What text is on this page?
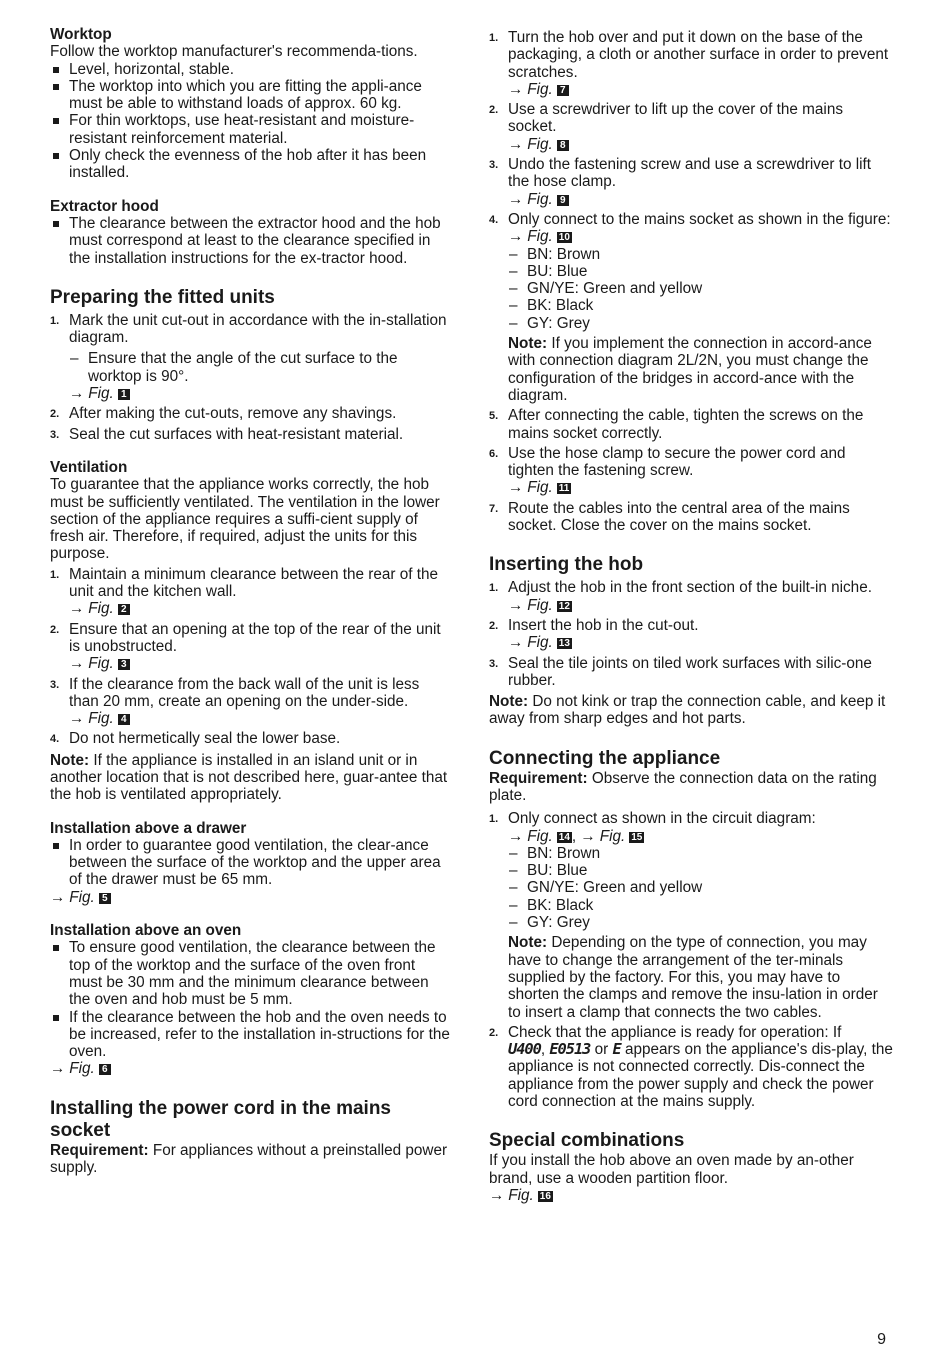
Worktop

Follow the worktop manufacturer's recommenda-tions.

Level, horizontal, stable.
The worktop into which you are fitting the appli-ance must be able to withstand loads of approx. 60 kg.
For thin worktops, use heat-resistant and moisture-resistant reinforcement material.
Only check the evenness of the hob after it has been installed.
Extractor hood
The clearance between the extractor hood and the hob must correspond at least to the clearance specified in the installation instructions for the ex-tractor hood.
Preparing the fitted units
1. Mark the unit cut-out in accordance with the in-stallation diagram.
– Ensure that the angle of the cut surface to the worktop is 90°.
→ Fig. 1
2. After making the cut-outs, remove any shavings.
3. Seal the cut surfaces with heat-resistant material.
Ventilation

To guarantee that the appliance works correctly, the hob must be sufficiently ventilated. The ventilation in the lower section of the appliance requires a suffi-cient supply of fresh air. Therefore, if required, adjust the units for this purpose.

1. Maintain a minimum clearance between the rear of the unit and the kitchen wall.
→ Fig. 2
2. Ensure that an opening at the top of the rear of the unit is unobstructed.
→ Fig. 3
3. If the clearance from the back wall of the unit is less than 20 mm, create an opening on the under-side.
→ Fig. 4
4. Do not hermetically seal the lower base.

Note: If the appliance is installed in an island unit or in another location that is not described here, guar-antee that the hob is ventilated appropriately.

Installation above a drawer
In order to guarantee good ventilation, the clear-ance between the surface of the worktop and the upper area of the drawer must be 65 mm.
→ Fig. 5
Installation above an oven
To ensure good ventilation, the clearance between the top of the worktop and the surface of the oven front must be 30 mm and the minimum clearance between the oven and hob must be 5 mm.
If the clearance between the hob and the oven needs to be increased, refer to the installation in-structions for the oven.
→ Fig. 6
Installing the power cord in the mains socket

Requirement: For appliances without a preinstalled power supply.

1. Turn the hob over and put it down on the base of the packaging, a cloth or another surface in order to prevent scratches.
→ Fig. 7
2. Use a screwdriver to lift up the cover of the mains socket.
→ Fig. 8
3. Undo the fastening screw and use a screwdriver to lift the hose clamp.
→ Fig. 9
4. Only connect to the mains socket as shown in the figure:
→ Fig. 10
– BN: Brown
– BU: Blue
– GN/YE: Green and yellow
– BK: Black
– GY: Grey

Note: If you implement the connection in accord-ance with connection diagram 2L/2N, you must change the configuration of the bridges in accord-ance with the diagram.

5. After connecting the cable, tighten the screws on the mains socket correctly.
6. Use the hose clamp to secure the power cord and tighten the fastening screw.
→ Fig. 11
7. Route the cables into the central area of the mains socket. Close the cover on the mains socket.
Inserting the hob
1. Adjust the hob in the front section of the built-in niche.
→ Fig. 12
2. Insert the hob in the cut-out.
→ Fig. 13
3. Seal the tile joints on tiled work surfaces with silic-one rubber.

Note: Do not kink or trap the connection cable, and keep it away from sharp edges and hot parts.

Connecting the appliance

Requirement: Observe the connection data on the rating plate.

1. Only connect as shown in the circuit diagram:
→ Fig. 14 , → Fig. 15
– BN: Brown
– BU: Blue
– GN/YE: Green and yellow
– BK: Black
– GY: Grey

Note: Depending on the type of connection, you may have to change the arrangement of the ter-minals supplied by the factory. For this, you may have to shorten the clamps and remove the insu-lation in order to insert a clamp that connects the two cables.

2. Check that the appliance is ready for operation: If
U400, E0513 or E appears on the appliance's dis-play, the appliance is not connected correctly. Dis-connect the appliance from the power supply and check the power cord connection at the mains supply.
Special combinations

If you install the hob above an oven made by an-other brand, use a wooden partition floor.

→ Fig. 16
9
